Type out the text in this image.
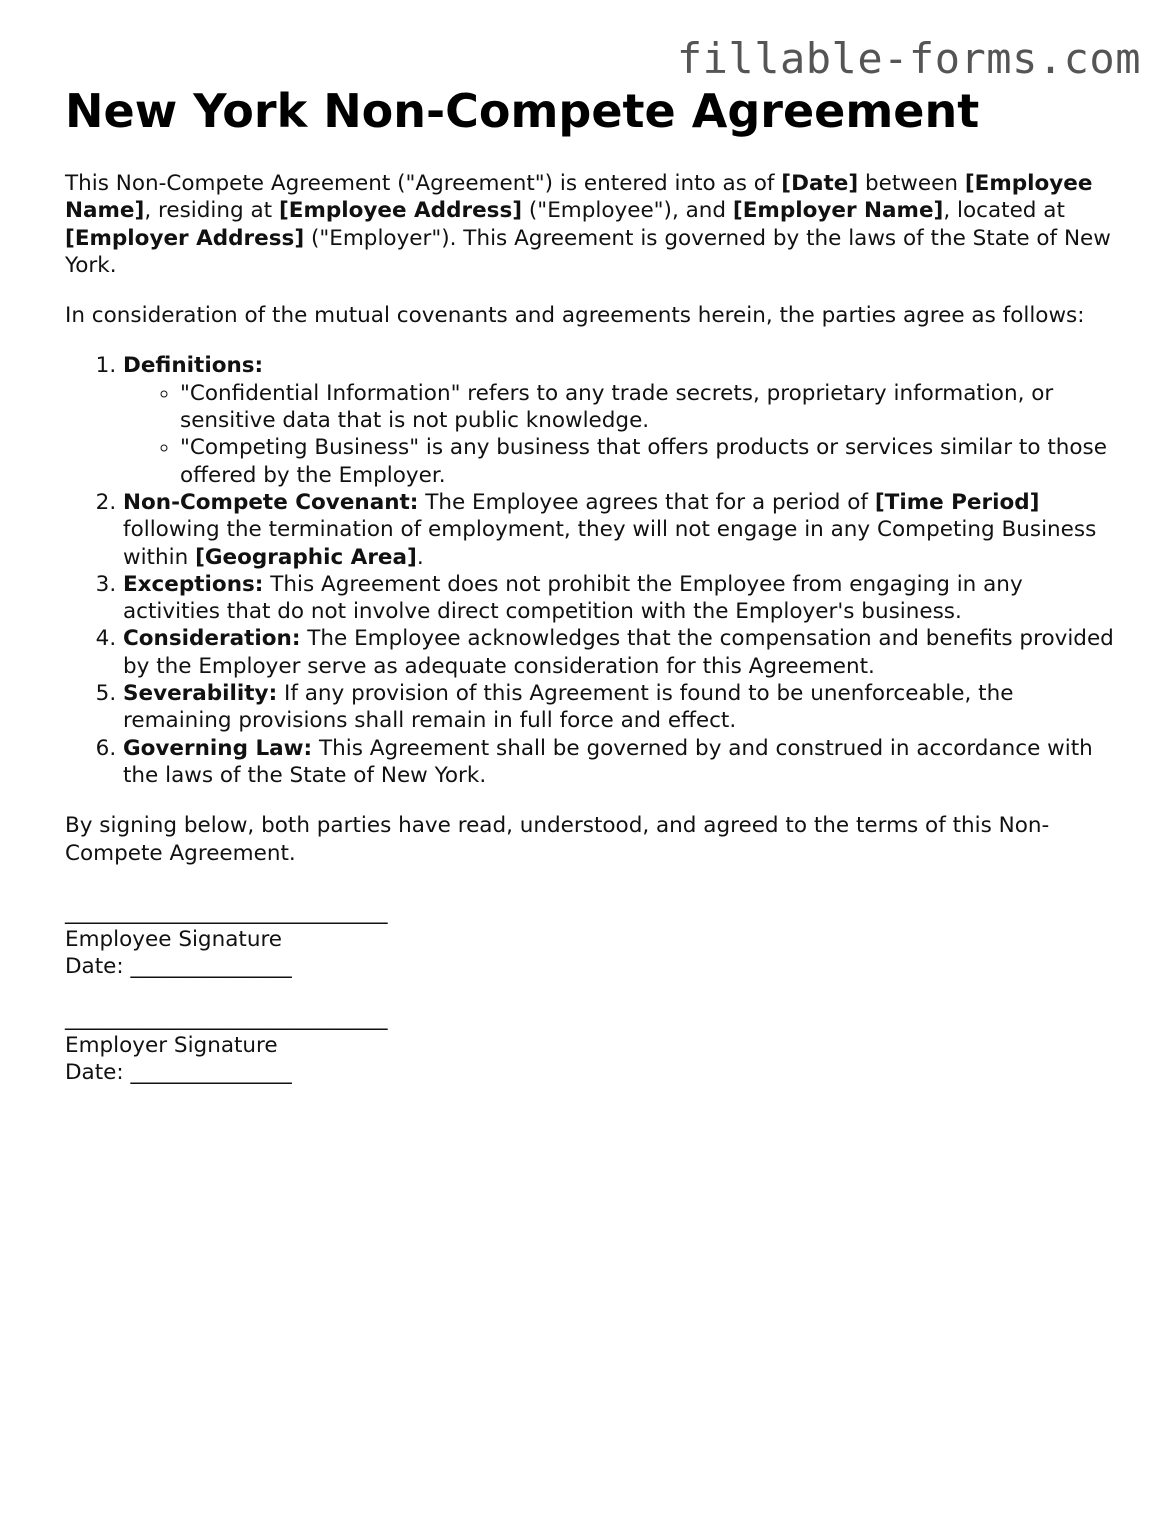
fillable-forms.com
New York Non-Compete Agreement

This Non-Compete Agreement ("Agreement") is entered into as of [Date] between [Employee Name], residing at [Employee Address] ("Employee"), and [Employer Name], located at [Employer Address] ("Employer"). This Agreement is governed by the laws of the State of New York.

In consideration of the mutual covenants and agreements herein, the parties agree as follows:

1. Definitions:
◦ "Confidential Information" refers to any trade secrets, proprietary information, or sensitive data that is not public knowledge.
◦ "Competing Business" is any business that offers products or services similar to those offered by the Employer.
2. Non-Compete Covenant: The Employee agrees that for a period of [Time Period] following the termination of employment, they will not engage in any Competing Business within [Geographic Area].
3. Exceptions: This Agreement does not prohibit the Employee from engaging in any activities that do not involve direct competition with the Employer's business.
4. Consideration: The Employee acknowledges that the compensation and benefits provided by the Employer serve as adequate consideration for this Agreement.
5. Severability: If any provision of this Agreement is found to be unenforceable, the remaining provisions shall remain in full force and effect.
6. Governing Law: This Agreement shall be governed by and construed in accordance with the laws of the State of New York.

By signing below, both parties have read, understood, and agreed to the terms of this Non-Compete Agreement.

______________________________
Employee Signature
Date: _______________
______________________________
Employer Signature
Date: _______________
